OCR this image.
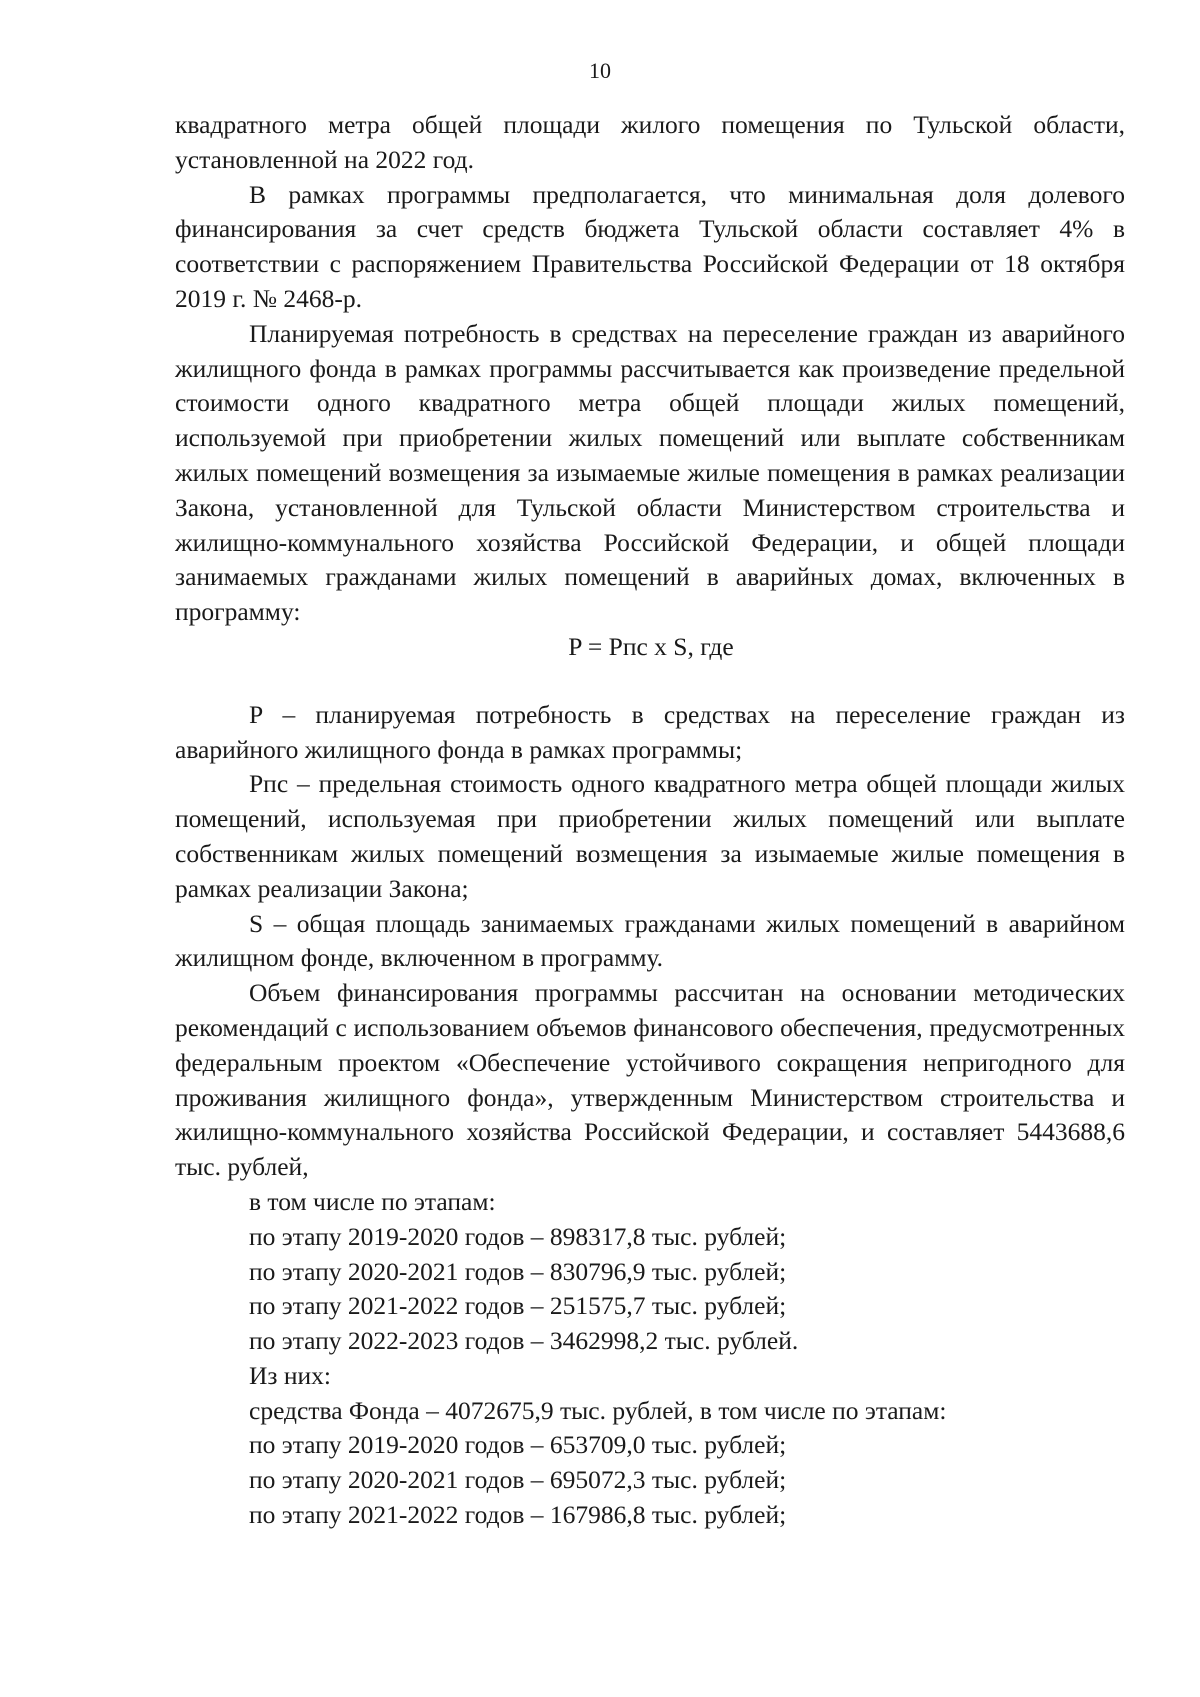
10

квадратного метра общей площади жилого помещения по Тульской области, установленной на 2022 год.

В рамках программы предполагается, что минимальная доля долевого финансирования за счет средств бюджета Тульской области составляет 4% в соответствии с распоряжением Правительства Российской Федерации от 18 октября 2019 г. № 2468-р.

Планируемая потребность в средствах на переселение граждан из аварийного жилищного фонда в рамках программы рассчитывается как произведение предельной стоимости одного квадратного метра общей площади жилых помещений, используемой при приобретении жилых помещений или выплате собственникам жилых помещений возмещения за изымаемые жилые помещения в рамках реализации Закона, установленной для Тульской области Министерством строительства и жилищно-коммунального хозяйства Российской Федерации, и общей площади занимаемых гражданами жилых помещений в аварийных домах, включенных в программу:

P = Рпс x S, где

P – планируемая потребность в средствах на переселение граждан из аварийного жилищного фонда в рамках программы;

Рпс – предельная стоимость одного квадратного метра общей площади жилых помещений, используемая при приобретении жилых помещений или выплате собственникам жилых помещений возмещения за изымаемые жилые помещения в рамках реализации Закона;

S – общая площадь занимаемых гражданами жилых помещений в аварийном жилищном фонде, включенном в программу.

Объем финансирования программы рассчитан на основании методических рекомендаций с использованием объемов финансового обеспечения, предусмотренных федеральным проектом «Обеспечение устойчивого сокращения непригодного для проживания жилищного фонда», утвержденным Министерством строительства и жилищно-коммунального хозяйства Российской Федерации, и составляет 5443688,6 тыс. рублей,

в том числе по этапам:

по этапу 2019-2020 годов – 898317,8 тыс. рублей;

по этапу 2020-2021 годов – 830796,9 тыс. рублей;

по этапу 2021-2022 годов – 251575,7 тыс. рублей;

по этапу 2022-2023 годов – 3462998,2 тыс. рублей.

Из них:

средства Фонда – 4072675,9 тыс. рублей, в том числе по этапам:

по этапу 2019-2020 годов – 653709,0 тыс. рублей;

по этапу 2020-2021 годов – 695072,3 тыс. рублей;

по этапу 2021-2022 годов – 167986,8 тыс. рублей;
